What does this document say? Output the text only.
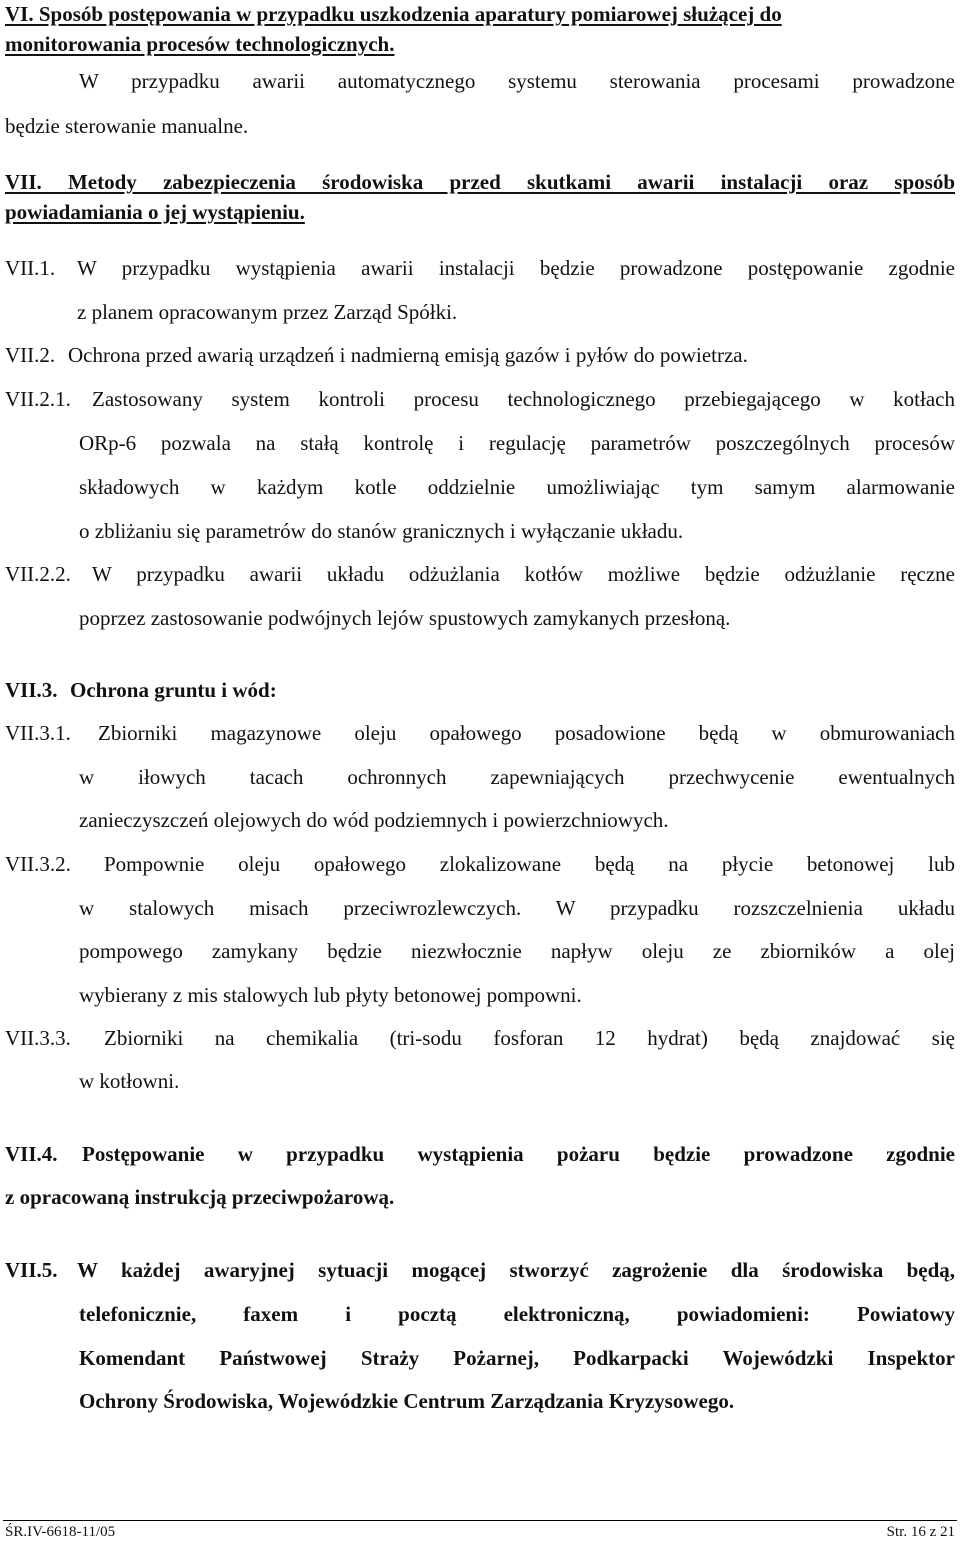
VI. Sposób postępowania w przypadku uszkodzenia aparatury pomiarowej służącej do
monitorowania procesów technologicznych.
W przypadku awarii automatycznego systemu sterowania procesami prowadzone
będzie sterowanie manualne.
VII. Metody zabezpieczenia środowiska przed skutkami awarii instalacji oraz sposób
powiadamiania o jej wystąpieniu.
VII.1. W przypadku wystąpienia awarii instalacji będzie prowadzone postępowanie zgodnie
z planem opracowanym przez Zarząd Spółki.
VII.2. Ochrona przed awarią urządzeń i nadmierną emisją gazów i pyłów do powietrza.
VII.2.1. Zastosowany system kontroli procesu technologicznego przebiegającego w kotłach
ORp-6 pozwala na stałą kontrolę i regulację parametrów poszczególnych procesów
składowych w każdym kotle oddzielnie umożliwiając tym samym alarmowanie
o zbliżaniu się parametrów do stanów granicznych i wyłączanie układu.
VII.2.2. W przypadku awarii układu odżużlania kotłów możliwe będzie odżużlanie ręczne
poprzez zastosowanie podwójnych lejów spustowych zamykanych przesłoną.
VII.3. Ochrona gruntu i wód:
VII.3.1. Zbiorniki magazynowe oleju opałowego posadowione będą w obmurowaniach
w iłowych tacach ochronnych zapewniających przechwycenie ewentualnych
zanieczyszczeń olejowych do wód podziemnych i powierzchniowych.
VII.3.2. Pompownie oleju opałowego zlokalizowane będą na płycie betonowej lub
w stalowych misach przeciwrozlewczych. W przypadku rozszczelnienia układu
pompowego zamykany będzie niezwłocznie napływ oleju ze zbiorników a olej
wybierany z mis stalowych lub płyty betonowej pompowni.
VII.3.3. Zbiorniki na chemikalia (tri-sodu fosforan 12 hydrat) będą znajdować się
w kotłowni.
VII.4. Postępowanie w przypadku wystąpienia pożaru będzie prowadzone zgodnie
z opracowaną instrukcją przeciwpożarową.
VII.5. W każdej awaryjnej sytuacji mogącej stworzyć zagrożenie dla środowiska będą,
telefonicznie, faxem i pocztą elektroniczną, powiadomieni: Powiatowy
Komendant Państwowej Straży Pożarnej, Podkarpacki Wojewódzki Inspektor
Ochrony Środowiska, Wojewódzkie Centrum Zarządzania Kryzysowego.
ŚR.IV-6618-11/05	Str. 16 z 21
